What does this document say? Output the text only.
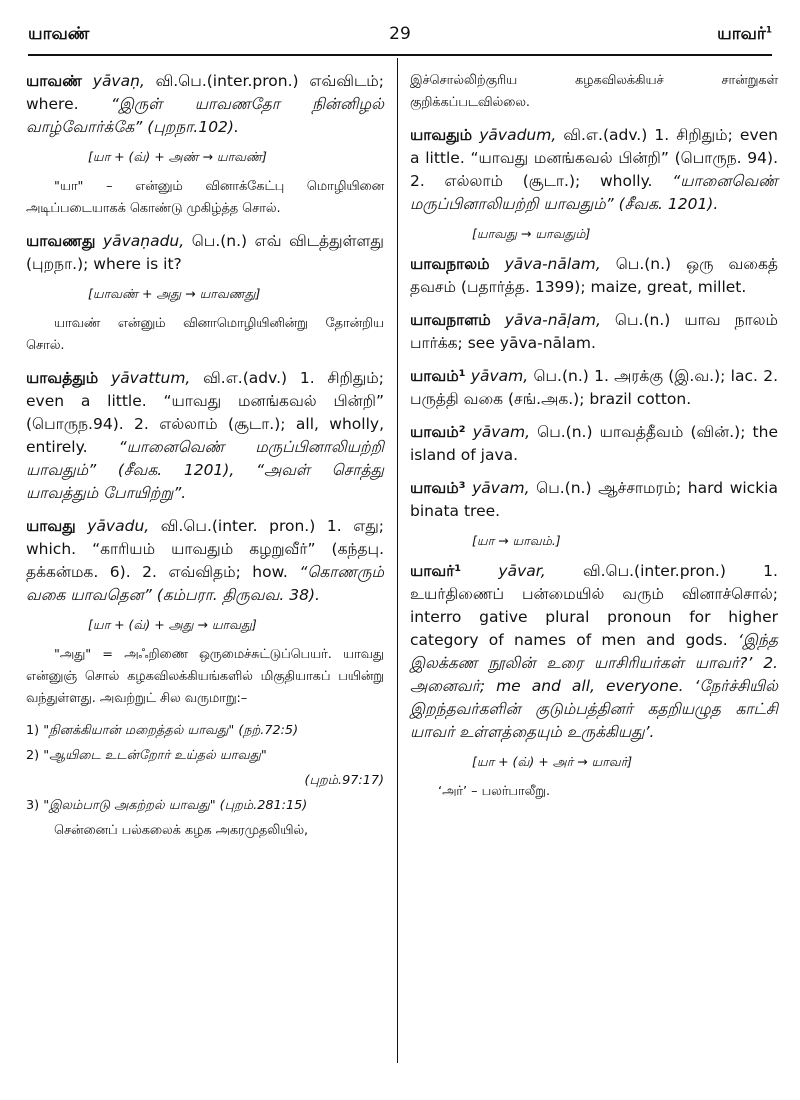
யாவண்	29	யாவர்$^1$
யாவண் yāvaṇ, வி.பெ.(inter.pron.) எவ்விடம்; where. “இருள் யாவணதோ நின்னிழல் வாழ்வோர்க்கே” (புறநா.102).
[யா + (வ்) + அண் → யாவண்]
"யா" – என்னும் வினாக்கேட்பு மொழியினை அடிப்படையாகக் கொண்டு முகிழ்த்த சொல்.
யாவணது yāvaṇadu, பெ.(n.) எவ் விடத்துள்ளது (புறநா.); where is it?
[யாவண் + அது → யாவணது]
யாவண் என்னும் வினாமொழியினின்று தோன்றிய சொல்.
யாவத்தும் yāvattum, வி.எ.(adv.) 1. சிறிதும்; even a little. “யாவது மனங்கவல் பின்றி” (பொருந.94). 2. எல்லாம் (சூடா.); all, wholly, entirely. “யானைவெண் மருப்பினாலியற்றி யாவதும்” (சீவக. 1201), “அவள் சொத்து யாவத்தும் போயிற்று”.
யாவது yāvadu, வி.பெ.(inter. pron.) 1. எது; which. “காரியம் யாவதும் கழறுவீர்” (கந்தபு. தக்கன்மக. 6). 2. எவ்விதம்; how. “கொணரும் வகை யாவதென” (கம்பரா. திருவவ. 38).
[யா + (வ்) + அது → யாவது]
"அது" = அஃறிணை ஒருமைச்சுட்டுப்பெயர். யாவது என்னுஞ் சொல் கழகவிலக்கியங்களில் மிகுதியாகப் பயின்று வந்துள்ளது. அவற்றுட் சில வருமாறு:–
1) "நினக்கியான் மறைத்தல் யாவது" (நற்.72:5)
2) "ஆயிடை உடன்றோர் உய்தல் யாவது"
(புறம்.97:17)
3) "இலம்பாடு அகற்றல் யாவது" (புறம்.281:15)
சென்னைப் பல்கலைக் கழக அகரமுதலியில்,
இச்சொல்லிற்குரிய கழகவிலக்கியச் சான்றுகள் குறிக்கப்படவில்லை.
யாவதும் yāvadum, வி.எ.(adv.) 1. சிறிதும்; even a little. “யாவது மனங்கவல் பின்றி” (பொருந. 94). 2. எல்லாம் (சூடா.); wholly. “யானைவெண் மருப்பினாலியற்றி யாவதும்” (சீவக. 1201).
[யாவது → யாவதும்]
யாவநாலம் yāva-nālam, பெ.(n.) ஒரு வகைத் தவசம் (பதார்த்த. 1399); maize, great, millet.
யாவநாளம் yāva-nāḷam, பெ.(n.) யாவ நாலம் பார்க்க; see yāva-nālam.
யாவம்¹ yāvam, பெ.(n.) 1. அரக்கு (இ.வ.); lac. 2. பருத்தி வகை (சங்.அக.); brazil cotton.
யாவம்² yāvam, பெ.(n.) யாவத்தீவம் (வின்.); the island of java.
யாவம்³ yāvam, பெ.(n.) ஆச்சாமரம்; hard wickia binata tree.
[யா → யாவம்.]
யாவர்¹ yāvar, வி.பெ.(inter.pron.) 1. உயர்திணைப் பன்மையில் வரும் வினாச்சொல்; interro gative plural pronoun for higher category of names of men and gods. ‘இந்த இலக்கண நூலின் உரை யாசிரியர்கள் யாவர்?’ 2. அனைவர்; me and all, everyone. ‘நேர்ச்சியில் இறந்தவர்களின் குடும்பத்தினர் கதறியழுத காட்சி யாவர் உள்ளத்தையும் உருக்கியது’.
[யா + (வ்) + அர் → யாவர்]
‘அர்’ – பலர்பாலீறு.
